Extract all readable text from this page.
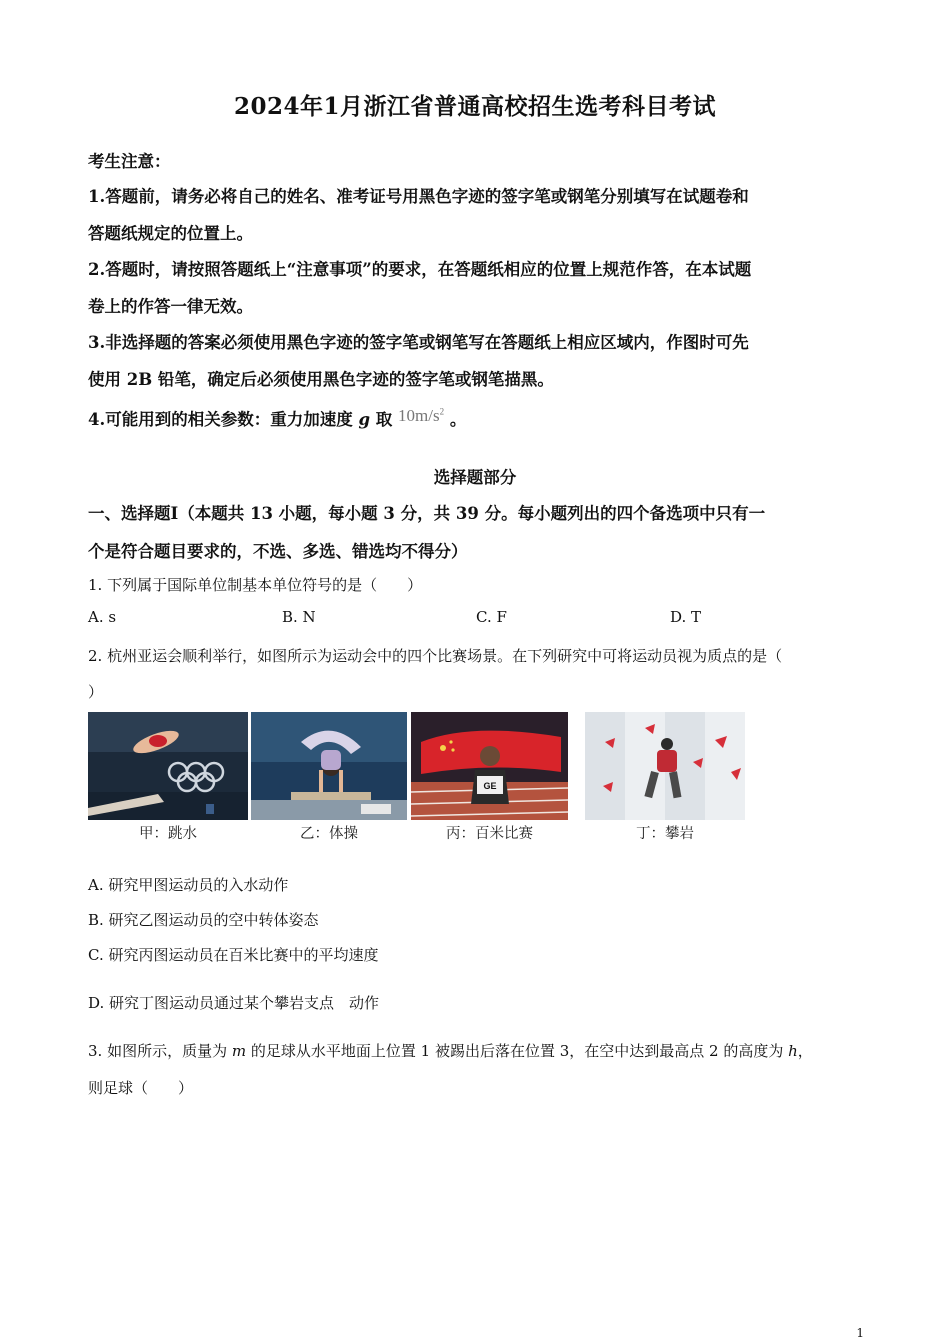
2024年1月浙江省普通高校招生选考科目考试
考生注意：
1.答题前，请务必将自己的姓名、准考证号用黑色字迹的签字笔或钢笔分别填写在试题卷和
答题纸规定的位置上。
2.答题时，请按照答题纸上“注意事项”的要求，在答题纸相应的位置上规范作答，在本试题
卷上的作答一律无效。
3.非选择题的答案必须使用黑色字迹的签字笔或钢笔写在答题纸上相应区域内，作图时可先
使用 2B 铅笔，确定后必须使用黑色字迹的签字笔或钢笔描黑。
4.可能用到的相关参数：重力加速度 g 取 $10m/s^2$ 。
选择题部分
一、选择题Ⅰ（本题共 13 小题，每小题 3 分，共 39 分。每小题列出的四个备选项中只有一
个是符合题目要求的，不选、多选、错选均不得分）
1. 下列属于国际单位制基本单位符号的是（　　）
A. s	B. N	C. F	D. T
2. 杭州亚运会顺利举行，如图所示为运动会中的四个比赛场景。在下列研究中可将运动员视为质点的是（
）
GE
甲：跳水	乙：体操	丙：百米比赛	丁：攀岩
A. 研究甲图运动员的入水动作
B. 研究乙图运动员的空中转体姿态
C. 研究丙图运动员在百米比赛中的平均速度
D. 研究丁图运动员通过某个攀岩支点　动作
3. 如图所示，质量为 m 的足球从水平地面上位置 1 被踢出后落在位置 3，在空中达到最高点 2 的高度为 h，
则足球（　　）
1
